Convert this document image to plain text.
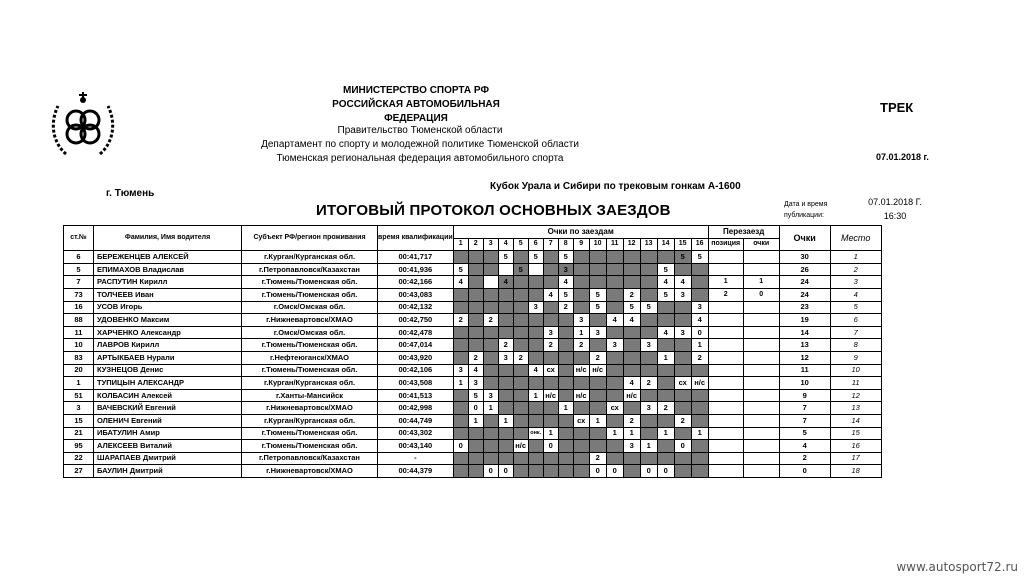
МИНИСТЕРСТВО СПОРТА РФ
РОССИЙСКАЯ АВТОМОБИЛЬНАЯ ФЕДЕРАЦИЯ
Правительство Тюменской области
Департамент по спорту и молодежной политике Тюменской области
Тюменская региональная федерация автомобильного спорта
ТРЕК
07.01.2018 г.
г. Тюмень
Кубок Урала и Сибири по трековым гонкам А-1600
ИТОГОВЫЙ ПРОТОКОЛ ОСНОВНЫХ ЗАЕЗДОВ	Дата и время
публикации:
07.01.2018 Г.
16:30
ст.№	Фамилия, Имя водителя	Субъект РФ/регион проживания	время квалификации	Очки по заездам																Перезаезд		Очки	Место
				1	2	3	4	5	6	7	8	9	10	11	12	13	14	15	16	позиция	очки		
6	БЕРЕЖЕНЦЕВ АЛЕКСЕЙ	г.Курган/Курганская обл.	00:41,717				5		5		5							5	5			30	1
5	ЕПИМАХОВ Владислав	г.Петропавловск/Казахстан	00:41,936	5				5			3						5					26	2
7	РАСПУТИН Кирилл	г.Тюмень/Тюменская обл.	00:42,166	4			4				4						4	4		1	1	24	3
73	ТОЛЧЕЕВ Иван	г.Тюмень/Тюменская обл.	00:43,083							4	5		5		2		5	3		2	0	24	4
16	УСОВ Игорь	г.Омск/Омская обл.	00:42,132						3		2		5		5	5			3			23	5
88	УДОВЕНКО Максим	г.Нижневартовск/ХМАО	00:42,750	2		2						3		4	4				4			19	6
11	ХАРЧЕНКО Александр	г.Омск/Омская обл.	00:42,478							3		1	3				4	3	0			14	7
10	ЛАВРОВ Кирилл	г.Тюмень/Тюменская обл.	00:47,014				2			2		2		3		3			1			13	8
83	АРТЫКБАЕВ Нурали	г.Нефтеюганск/ХМАО	00:43,920		2		3	2					2				1		2			12	9
20	КУЗНЕЦОВ Денис	г.Тюмень/Тюменская обл.	00:42,106	3	4				4	сх		н/с	н/с									11	10
1	ТУПИЦЫН АЛЕКСАНДР	г.Курган/Курганская обл.	00:43,508	1	3										4	2		сх	н/с			10	11
51	КОЛБАСИН Алексей	г.Ханты-Мансийск	00:41,513		5	3			1	н/с		н/с			н/с							9	12
3	ВАЧЕВСКИЙ Евгений	г.Нижневартовск/ХМАО	00:42,998		0	1					1			сх		3	2					7	13
15	ОЛЕНИЧ Евгений	г.Курган/Курганская обл.	00:44,749		1		1					сх	1		2			2				7	14
21	ИБАТУЛИН Амир	г.Тюмень/Тюменская обл.	00:43,302						онк.	1				1	1		1		1			5	15
95	АЛЕКСЕЕВ Виталий	г.Тюмень/Тюменская обл.	00:43,140	0				н/с		0					3	1		0				4	16
22	ШАРАПАЕВ Дмитрий	г.Петропавловск/Казахстан	-										2									2	17
27	БАУЛИН Дмитрий	г.Нижневартовск/ХМАО	00:44,379			0	0						0	0		0	0					0	18
www.autosport72.ru
